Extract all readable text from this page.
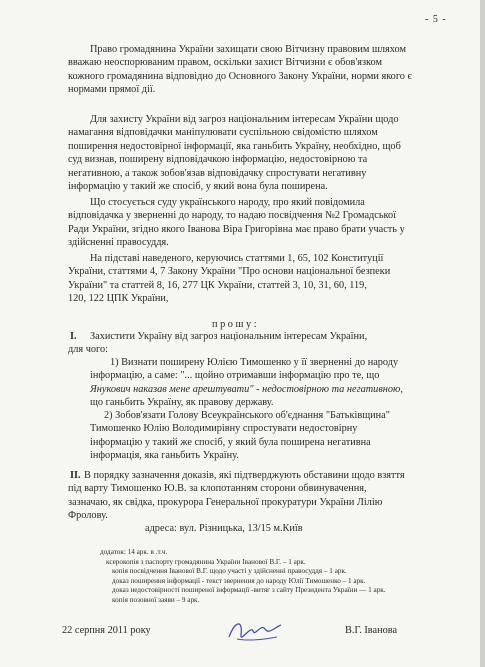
- 5 -
Право громадянина України захищати свою Вітчизну правовим шляхом
вважаю неоспорюваним правом, оскільки захист Вітчизни є обов'язком
кожного громадянина відповідно до Основного Закону України, норми якого є
нормами прямої дії.
Для захисту України від загроз національним інтересам України щодо
намагання відповідачки маніпулювати суспільною свідомістю шляхом
поширення недостовірної інформації, яка ганьбить Україну, необхідно, щоб
суд визнав, поширену відповідачкою інформацію, недостовірною та
негативною, а також зобов'язав відповідачку спростувати негативну
інформацію у такий же спосіб, у який вона була поширена.
Що стосується суду українського народу, про який повідомила
відповідачка у зверненні до народу, то надаю посвідчення №2 Громадської
Ради України, згідно якого Іванова Віра Григорівна має право брати участь у
здійсненні правосуддя.
На підставі наведеного, керуючись статтями 1, 65, 102 Конституції
України, статтями 4, 7 Закону України "Про основи національної безпеки
України" та статтей 8, 16, 277 ЦК України, статтей 3, 10, 31, 60, 119,
120, 122 ЦПК України,
п р о ш у :
I.	Захистити Україну від загроз національним інтересам України,
для чого:
1) Визнати поширену Юлією Тимошенко у її зверненні до народу
інформацію, а саме: "... щойно отримавши інформацію про те, що
Янукович наказав мене арештувати" - недостовірною та негативною,
що ганьбить Україну, як правову державу.
2) Зобов'язати Голову Всеукраїнського об'єднання "Батьківщина"
Тимошенко Юлію Володимирівну спростувати недостовірну
інформацію у такий же спосіб, у який була поширена негативна
інформація, яка ганьбить Україну.
II. В порядку зазначення доказів, які підтверджують обставини щодо взяття
під варту Тимошенко Ю.В. за клопотанням сторони обвинувачення,
зазначаю, як свідка, прокурора Генеральної прокуратури України Лілію
Фролову.
адреса: вул. Різницька, 13/15 м.Київ
додаток: 14 арк. в .т.ч.
ксерокопія з паспорту громадянина України Іванової В.Г. – 1 арк.
копія посвідчення Іванової В.Г. щодо участі у здійсненні правосуддя – 1 арк.
доказ поширення інформації - текст звернення до народу Юлії Тимошенко – 1 арк.
доказ недостовірності поширеної інформації -витяг з сайту Президента України — 1 арк.
копія позовної заяви – 9 арк.
22 серпня 2011 року	В.Г. Іванова
